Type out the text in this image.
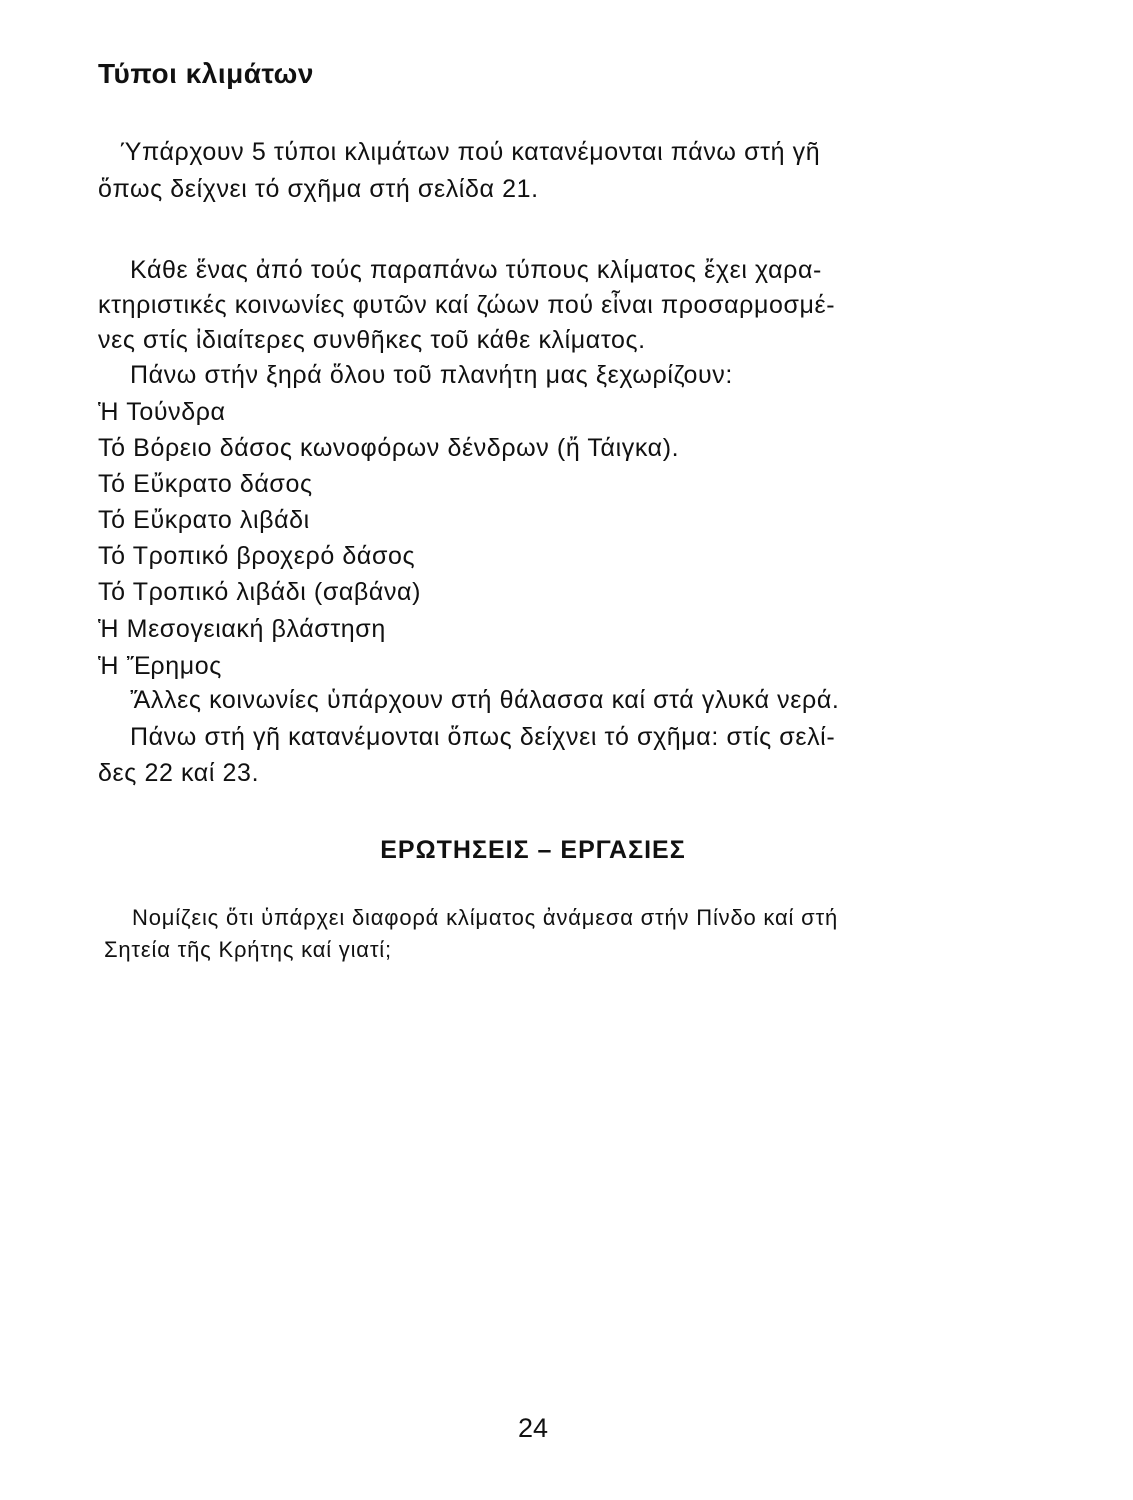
Τύποι κλιμάτων
Ύπάρχουν 5 τύποι κλιμάτων πού κατανέμονται πάνω στή γῆ
ὅπως δείχνει τό σχῆμα στή σελίδα 21.
Κάθε ἕνας ἀπό τούς παραπάνω τύπους κλίματος ἔχει χαρα-
κτηριστικές κοινωνίες φυτῶν καί ζώων πού εἶναι προσαρμοσμέ-
νες στίς ἰδιαίτερες συνθῆκες τοῦ κάθε κλίματος.
Πάνω στήν ξηρά ὅλου τοῦ πλανήτη μας ξεχωρίζουν:
Ἡ Τούνδρα
Τό Βόρειο δάσος κωνοφόρων δένδρων (ἤ Τάιγκα).
Τό Εὔκρατο δάσος
Τό Εὔκρατο λιβάδι
Τό Τροπικό βροχερό δάσος
Τό Τροπικό λιβάδι (σαβάνα)
Ἡ Μεσογειακή βλάστηση
Ἡ Ἔρημος
Ἄλλες κοινωνίες ὑπάρχουν στή θάλασσα καί στά γλυκά νερά.
Πάνω στή γῆ κατανέμονται ὅπως δείχνει τό σχῆμα: στίς σελί-
δες 22 καί 23.
ΕΡΩΤΗΣΕΙΣ – ΕΡΓΑΣΙΕΣ
Νομίζεις ὅτι ὑπάρχει διαφορά κλίματος ἀνάμεσα στήν Πίνδο καί στή
Σητεία τῆς Κρήτης καί γιατί;
24
